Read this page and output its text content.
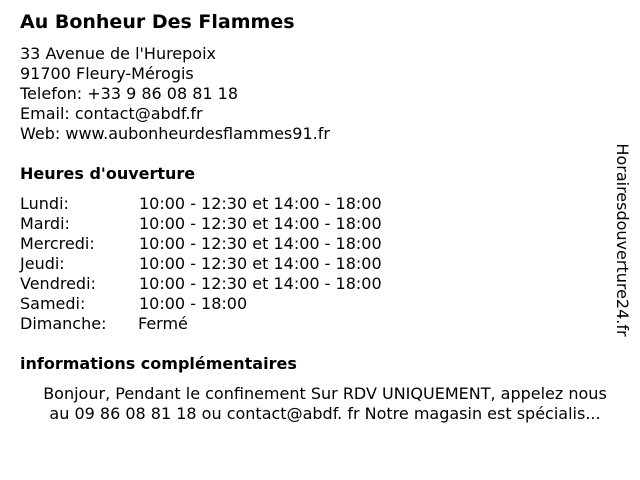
Au Bonheur Des Flammes
33 Avenue de l'Hurepoix
91700 Fleury-Mérogis
Telefon: +33 9 86 08 81 18
Email: contact@abdf.fr
Web: www.aubonheurdesflammes91.fr
Heures d'ouverture
Lundi:	10:00 - 12:30 et 14:00 - 18:00
Mardi:	10:00 - 12:30 et 14:00 - 18:00
Mercredi:	10:00 - 12:30 et 14:00 - 18:00
Jeudi:	10:00 - 12:30 et 14:00 - 18:00
Vendredi:	10:00 - 12:30 et 14:00 - 18:00
Samedi:	10:00 - 18:00
Dimanche: Fermé
informations complémentaires
Bonjour, Pendant le confinement Sur RDV UNIQUEMENT, appelez nous
au 09 86 08 81 18 ou contact@abdf. fr Notre magasin est spécialis...
Horairesdouverture24.fr
